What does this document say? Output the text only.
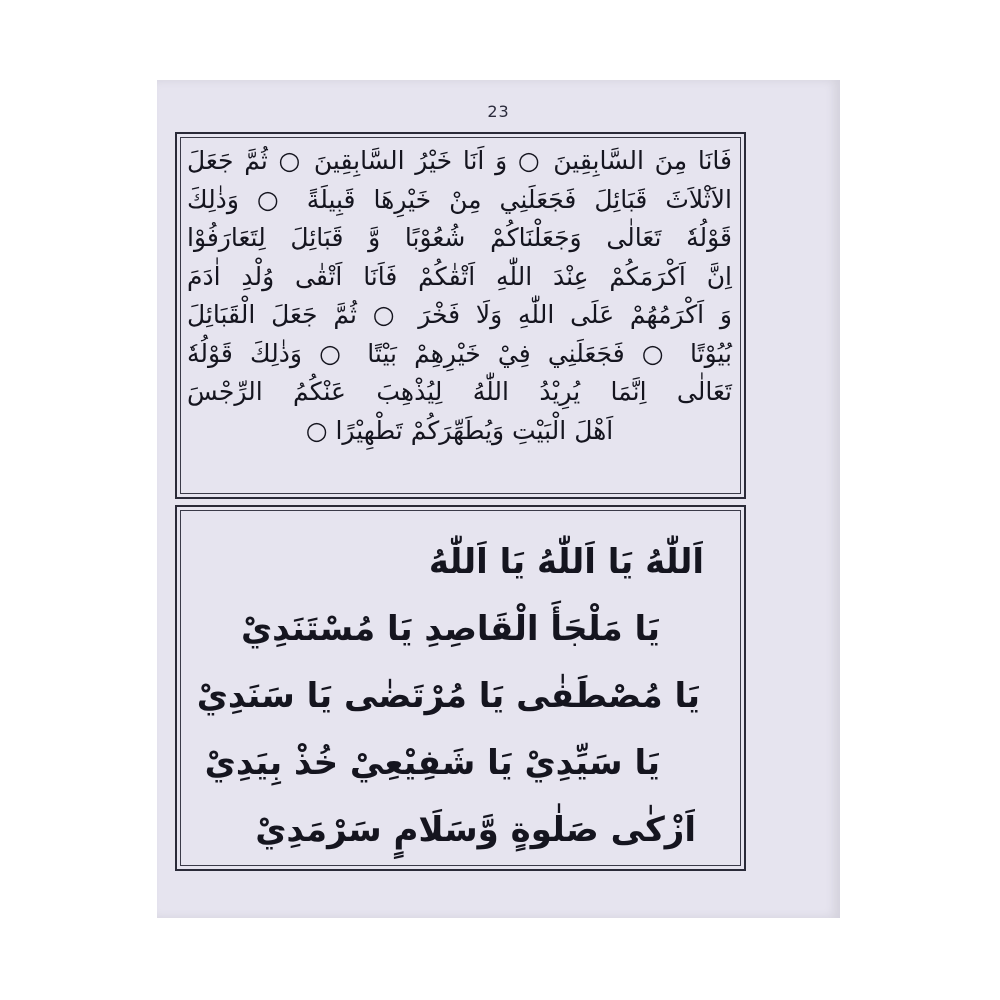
23

فَانَا مِنَ السَّابِقِينَ ○ وَ اَنَا خَيْرُ السَّابِقِينَ ○ ثُمَّ جَعَلَ

الاَثْلاَثَ قَبَائِلَ فَجَعَلَنِي مِنْ خَيْرِهَا قَبِيلَةً ○ وَذٰلِكَ

قَوْلُهٗ تَعَالٰى وَجَعَلْنَاكُمْ شُعُوْبًا وَّ قَبَائِلَ لِتَعَارَفُوْا

اِنَّ اَكْرَمَكُمْ عِنْدَ اللّٰهِ اَتْقٰكُمْ فَاَنَا اَتْقٰى وُلْدِ اٰدَمَ

وَ اَكْرَمُهُمْ عَلَى اللّٰهِ وَلَا فَخْرَ ○ ثُمَّ جَعَلَ الْقَبَائِلَ

بُيُوْتًا ○ فَجَعَلَنِي فِيْ خَيْرِهِمْ بَيْتًا ○ وَذٰلِكَ قَوْلُهٗ

تَعَالٰى اِنَّمَا يُرِيْدُ اللّٰهُ لِيُذْهِبَ عَنْكُمُ الرِّجْسَ

اَهْلَ الْبَيْتِ وَيُطَهِّرَكُمْ تَطْهِيْرًا ○

اَللّٰهُ يَا اَللّٰهُ يَا اَللّٰهُ

يَا مَلْجَأَ الْقَاصِدِ يَا مُسْتَنَدِيْ

يَا مُصْطَفٰى يَا مُرْتَضٰى يَا سَنَدِيْ

يَا سَيِّدِيْ يَا شَفِيْعِيْ خُذْ بِيَدِيْ

اَزْكٰى صَلٰوةٍ وَّسَلَامٍ سَرْمَدِيْ
